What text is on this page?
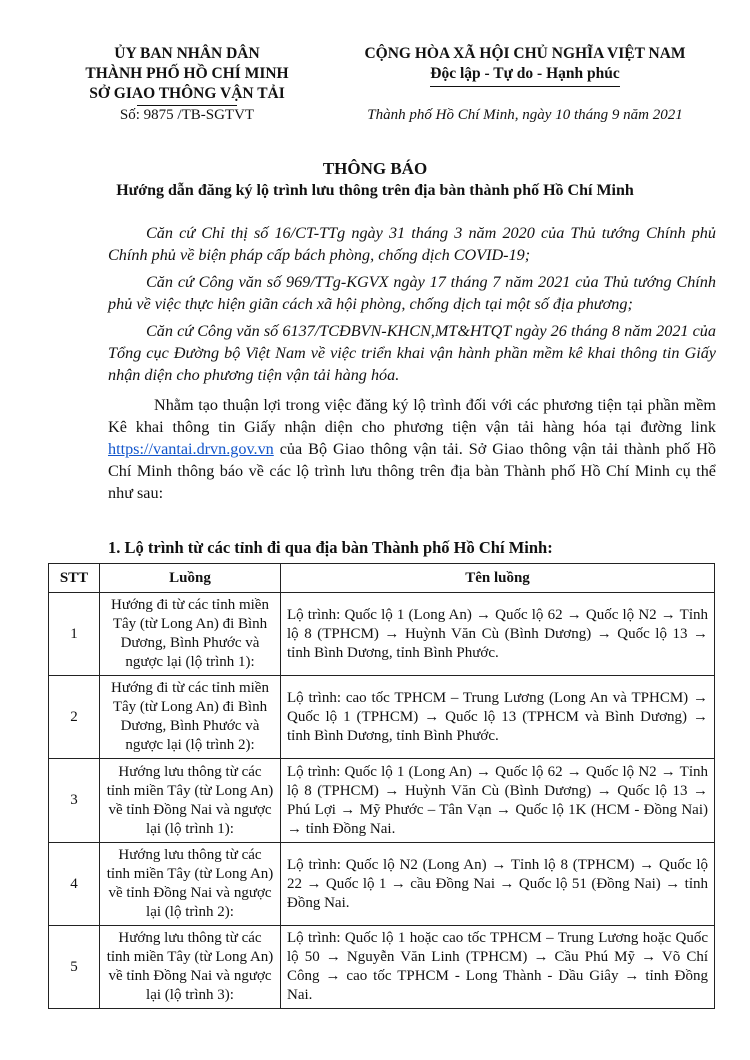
ỦY BAN NHÂN DÂN
THÀNH PHỐ HỒ CHÍ MINH
SỞ GIAO THÔNG VẬN TẢI
CỘNG HÒA XÃ HỘI CHỦ NGHĨA VIỆT NAM
Độc lập - Tự do - Hạnh phúc
Số: 9875 /TB-SGTVT	Thành phố Hồ Chí Minh, ngày 10 tháng 9 năm 2021
THÔNG BÁO
Hướng dẫn đăng ký lộ trình lưu thông trên địa bàn thành phố Hồ Chí Minh

Căn cứ Chỉ thị số 16/CT-TTg ngày 31 tháng 3 năm 2020 của Thủ tướng Chính phủ Chính phủ về biện pháp cấp bách phòng, chống dịch COVID-19;

Căn cứ Công văn số 969/TTg-KGVX ngày 17 tháng 7 năm 2021 của Thủ tướng Chính phủ về việc thực hiện giãn cách xã hội phòng, chống dịch tại một số địa phương;

Căn cứ Công văn số 6137/TCĐBVN-KHCN,MT&HTQT ngày 26 tháng 8 năm 2021 của Tổng cục Đường bộ Việt Nam về việc triển khai vận hành phần mềm kê khai thông tin Giấy nhận diện cho phương tiện vận tải hàng hóa.

Nhằm tạo thuận lợi trong việc đăng ký lộ trình đối với các phương tiện tại phần mềm Kê khai thông tin Giấy nhận diện cho phương tiện vận tải hàng hóa tại đường link https://vantai.drvn.gov.vn của Bộ Giao thông vận tải. Sở Giao thông vận tải thành phố Hồ Chí Minh thông báo về các lộ trình lưu thông trên địa bàn Thành phố Hồ Chí Minh cụ thể như sau:

1. Lộ trình từ các tỉnh đi qua địa bàn Thành phố Hồ Chí Minh:
STT	Luồng	Tên luồng
1	Hướng đi từ các tỉnh miền Tây (từ Long An) đi Bình Dương, Bình Phước và ngược lại (lộ trình 1):	Lộ trình: Quốc lộ 1 (Long An) → Quốc lộ 62 → Quốc lộ N2 → Tỉnh lộ 8 (TPHCM) → Huỳnh Văn Cù (Bình Dương) → Quốc lộ 13 → tỉnh Bình Dương, tỉnh Bình Phước.
2	Hướng đi từ các tỉnh miền Tây (từ Long An) đi Bình Dương, Bình Phước và ngược lại (lộ trình 2):	Lộ trình: cao tốc TPHCM – Trung Lương (Long An và TPHCM) → Quốc lộ 1 (TPHCM) → Quốc lộ 13 (TPHCM và Bình Dương) → tỉnh Bình Dương, tỉnh Bình Phước.
3	Hướng lưu thông từ các tỉnh miền Tây (từ Long An) về tỉnh Đồng Nai và ngược lại (lộ trình 1):	Lộ trình: Quốc lộ 1 (Long An) → Quốc lộ 62 → Quốc lộ N2 → Tỉnh lộ 8 (TPHCM) → Huỳnh Văn Cù (Bình Dương) → Quốc lộ 13 → Phú Lợi → Mỹ Phước – Tân Vạn → Quốc lộ 1K (HCM - Đồng Nai) → tỉnh Đồng Nai.
4	Hướng lưu thông từ các tỉnh miền Tây (từ Long An) về tỉnh Đồng Nai và ngược lại (lộ trình 2):	Lộ trình: Quốc lộ N2 (Long An) → Tỉnh lộ 8 (TPHCM) → Quốc lộ 22 → Quốc lộ 1 → cầu Đồng Nai → Quốc lộ 51 (Đồng Nai) → tỉnh Đồng Nai.
5	Hướng lưu thông từ các tỉnh miền Tây (từ Long An) về tỉnh Đồng Nai và ngược lại (lộ trình 3):	Lộ trình: Quốc lộ 1 hoặc cao tốc TPHCM – Trung Lương hoặc Quốc lộ 50 → Nguyễn Văn Linh (TPHCM) → Cầu Phú Mỹ → Võ Chí Công → cao tốc TPHCM - Long Thành - Dầu Giây → tỉnh Đồng Nai.
